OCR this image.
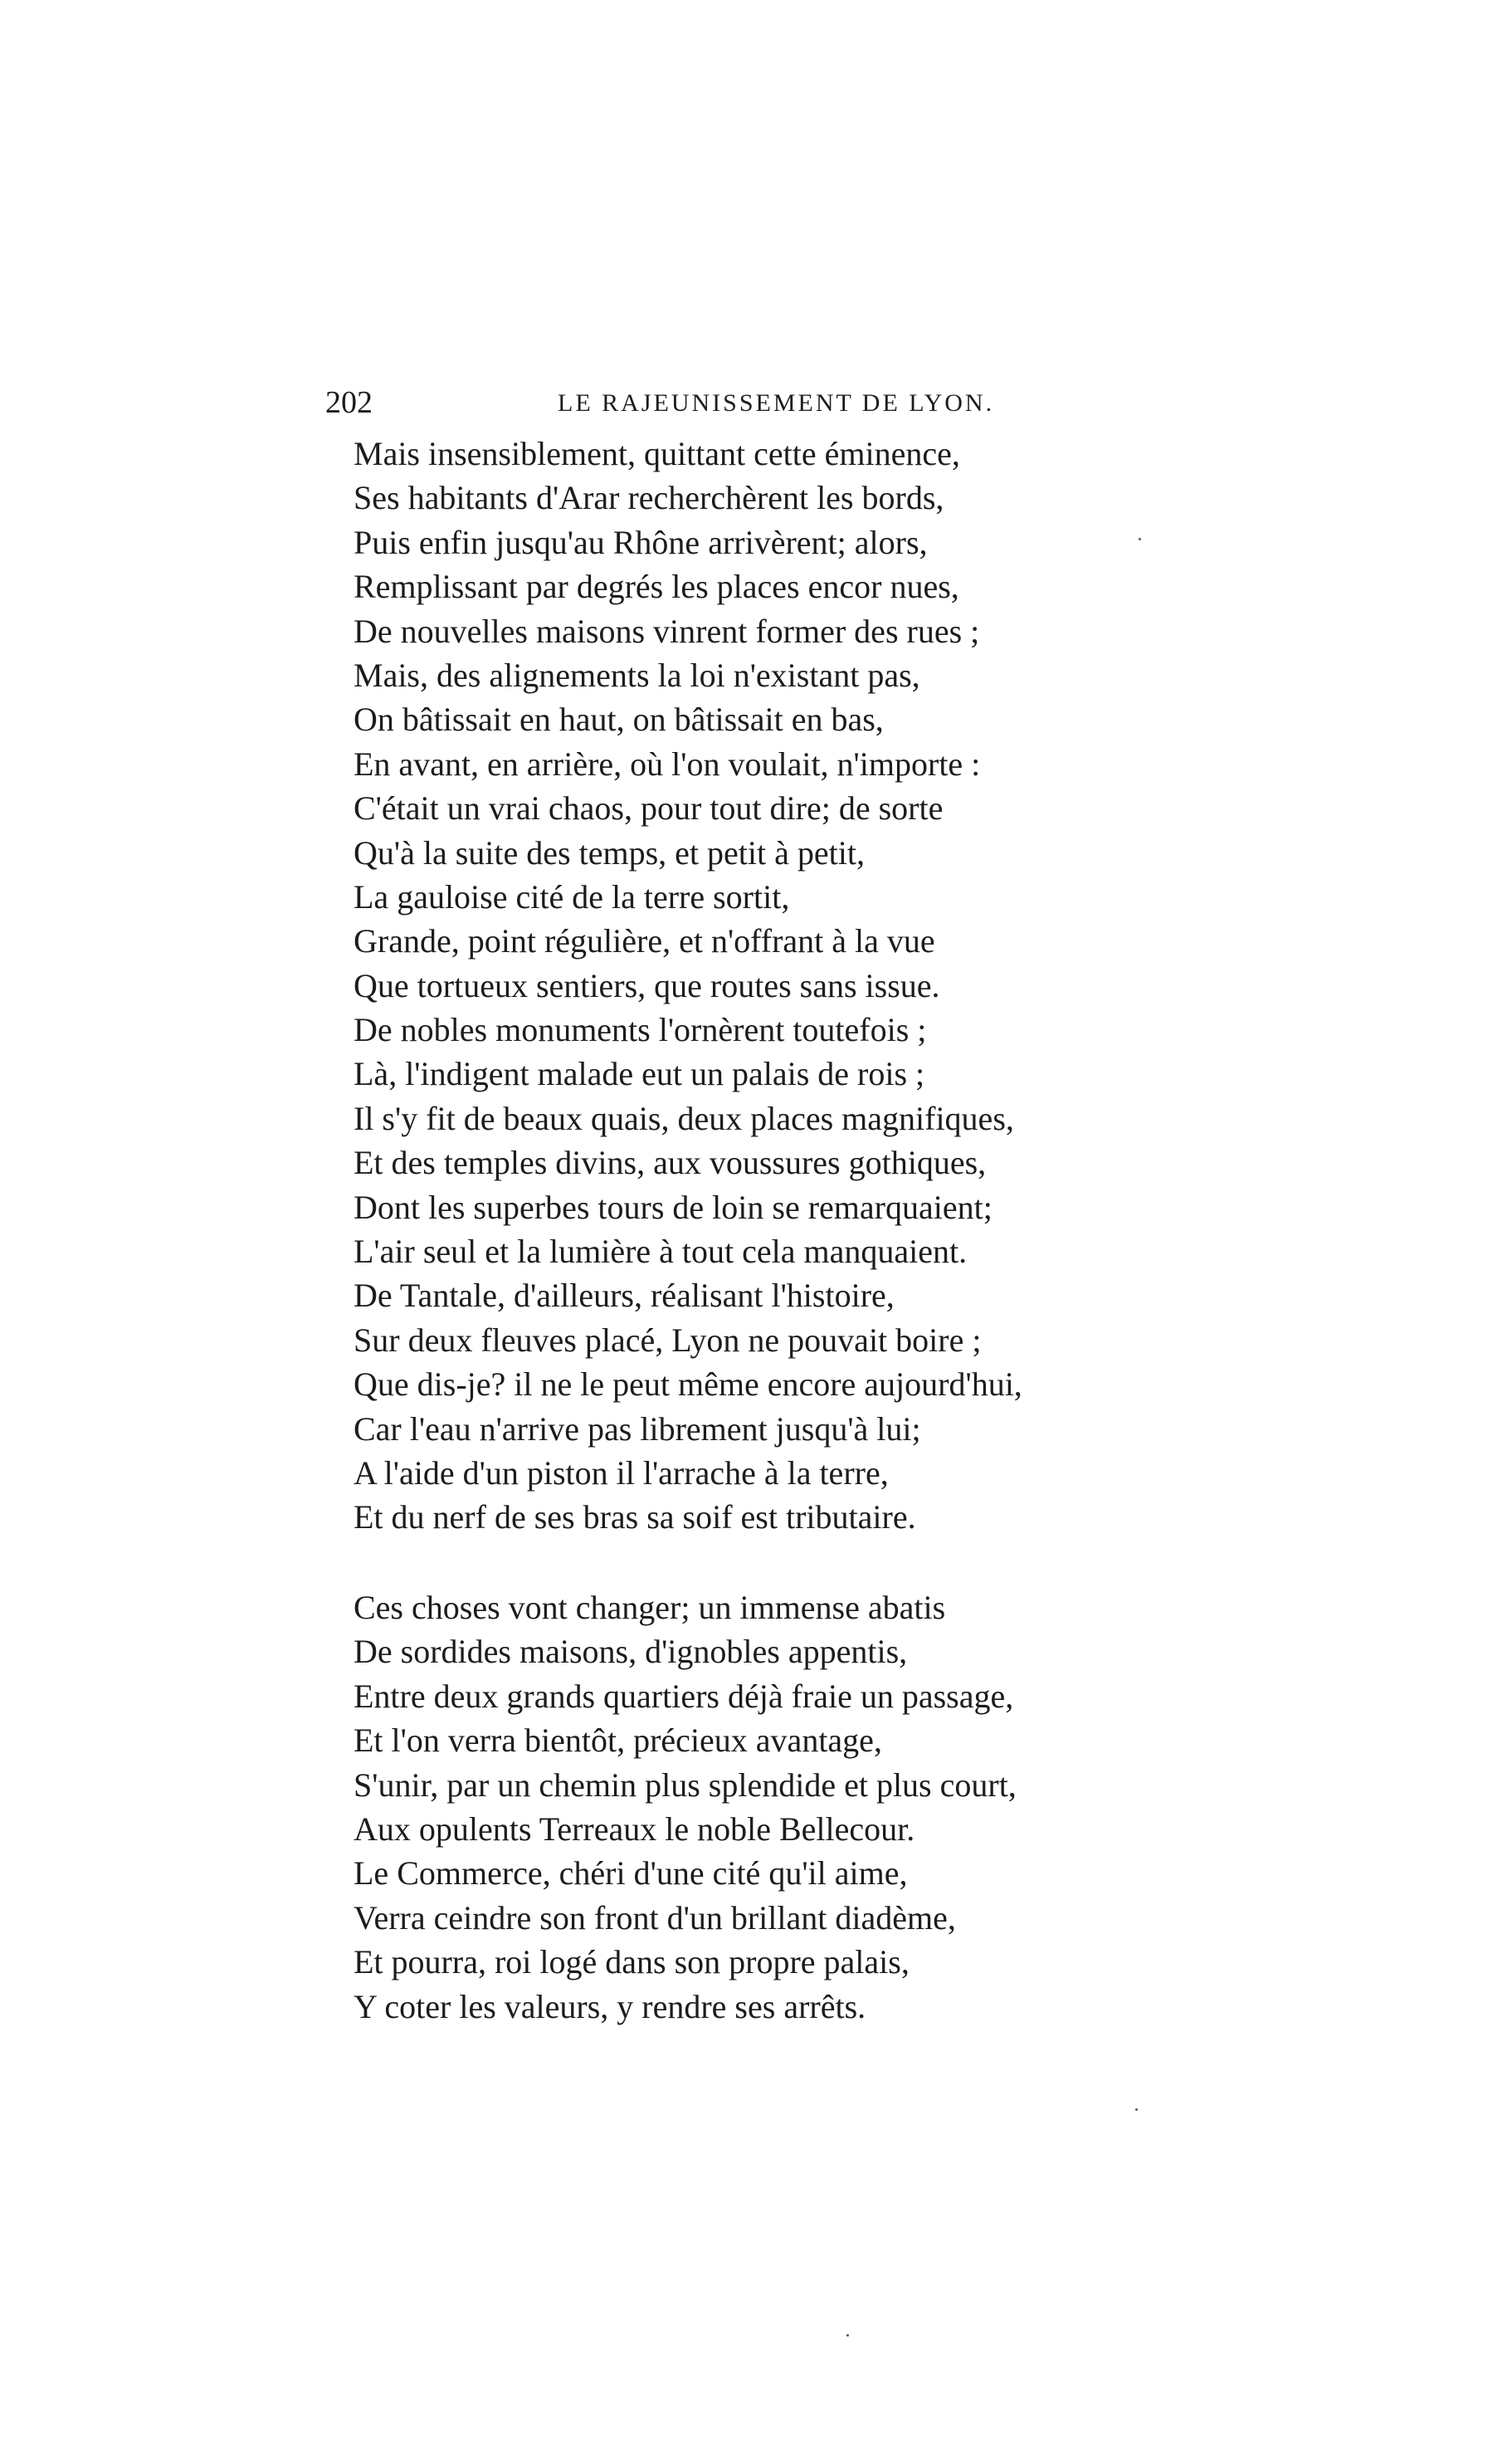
202	LE RAJEUNISSEMENT DE LYON.
Mais insensiblement, quittant cette éminence,
Ses habitants d'Arar recherchèrent les bords,
Puis enfin jusqu'au Rhône arrivèrent; alors,
Remplissant par degrés les places encor nues,
De nouvelles maisons vinrent former des rues ;
Mais, des alignements la loi n'existant pas,
On bâtissait en haut, on bâtissait en bas,
En avant, en arrière, où l'on voulait, n'importe :
C'était un vrai chaos, pour tout dire; de sorte
Qu'à la suite des temps, et petit à petit,
La gauloise cité de la terre sortit,
Grande, point régulière, et n'offrant à la vue
Que tortueux sentiers, que routes sans issue.
De nobles monuments l'ornèrent toutefois ;
Là, l'indigent malade eut un palais de rois ;
Il s'y fit de beaux quais, deux places magnifiques,
Et des temples divins, aux voussures gothiques,
Dont les superbes tours de loin se remarquaient;
L'air seul et la lumière à tout cela manquaient.
De Tantale, d'ailleurs, réalisant l'histoire,
Sur deux fleuves placé, Lyon ne pouvait boire ;
Que dis-je? il ne le peut même encore aujourd'hui,
Car l'eau n'arrive pas librement jusqu'à lui;
A l'aide d'un piston il l'arrache à la terre,
Et du nerf de ses bras sa soif est tributaire.
Ces choses vont changer; un immense abatis
De sordides maisons, d'ignobles appentis,
Entre deux grands quartiers déjà fraie un passage,
Et l'on verra bientôt, précieux avantage,
S'unir, par un chemin plus splendide et plus court,
Aux opulents Terreaux le noble Bellecour.
Le Commerce, chéri d'une cité qu'il aime,
Verra ceindre son front d'un brillant diadème,
Et pourra, roi logé dans son propre palais,
Y coter les valeurs, y rendre ses arrêts.
